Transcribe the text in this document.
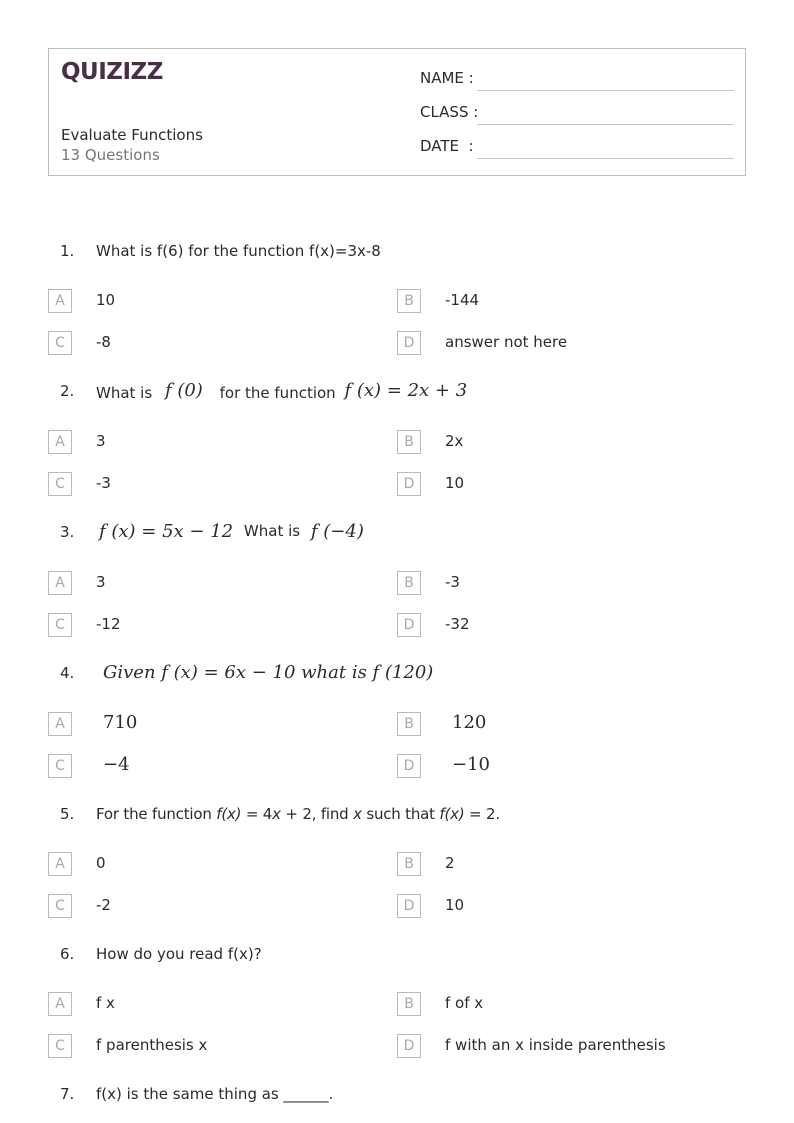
QUIZIZZ
Evaluate Functions
13 Questions
NAME :
CLASS :
DATE  :
1. What is f(6) for the function f(x)=3x-8
A	10	B	-144
C	-8	D	answer not here
2. What is f (0) for the function f (x) = 2x + 3
A	3	B	2x
C	-3	D	10
3. f (x) = 5x − 12 What is f (−4)
A	3	B	-3
C	-12	D	-32
4. Given f (x) = 6x − 10 what is f (120)
A	710	B	120
C	−4	D	−10
5. For the function f(x) = 4x + 2, find x such that f(x) = 2.
A	0	B	2
C	-2	D	10
6. How do you read f(x)?
A	f x	B	f of x
C	f parenthesis x	D	f with an x inside parenthesis
7. f(x) is the same thing as ______.
